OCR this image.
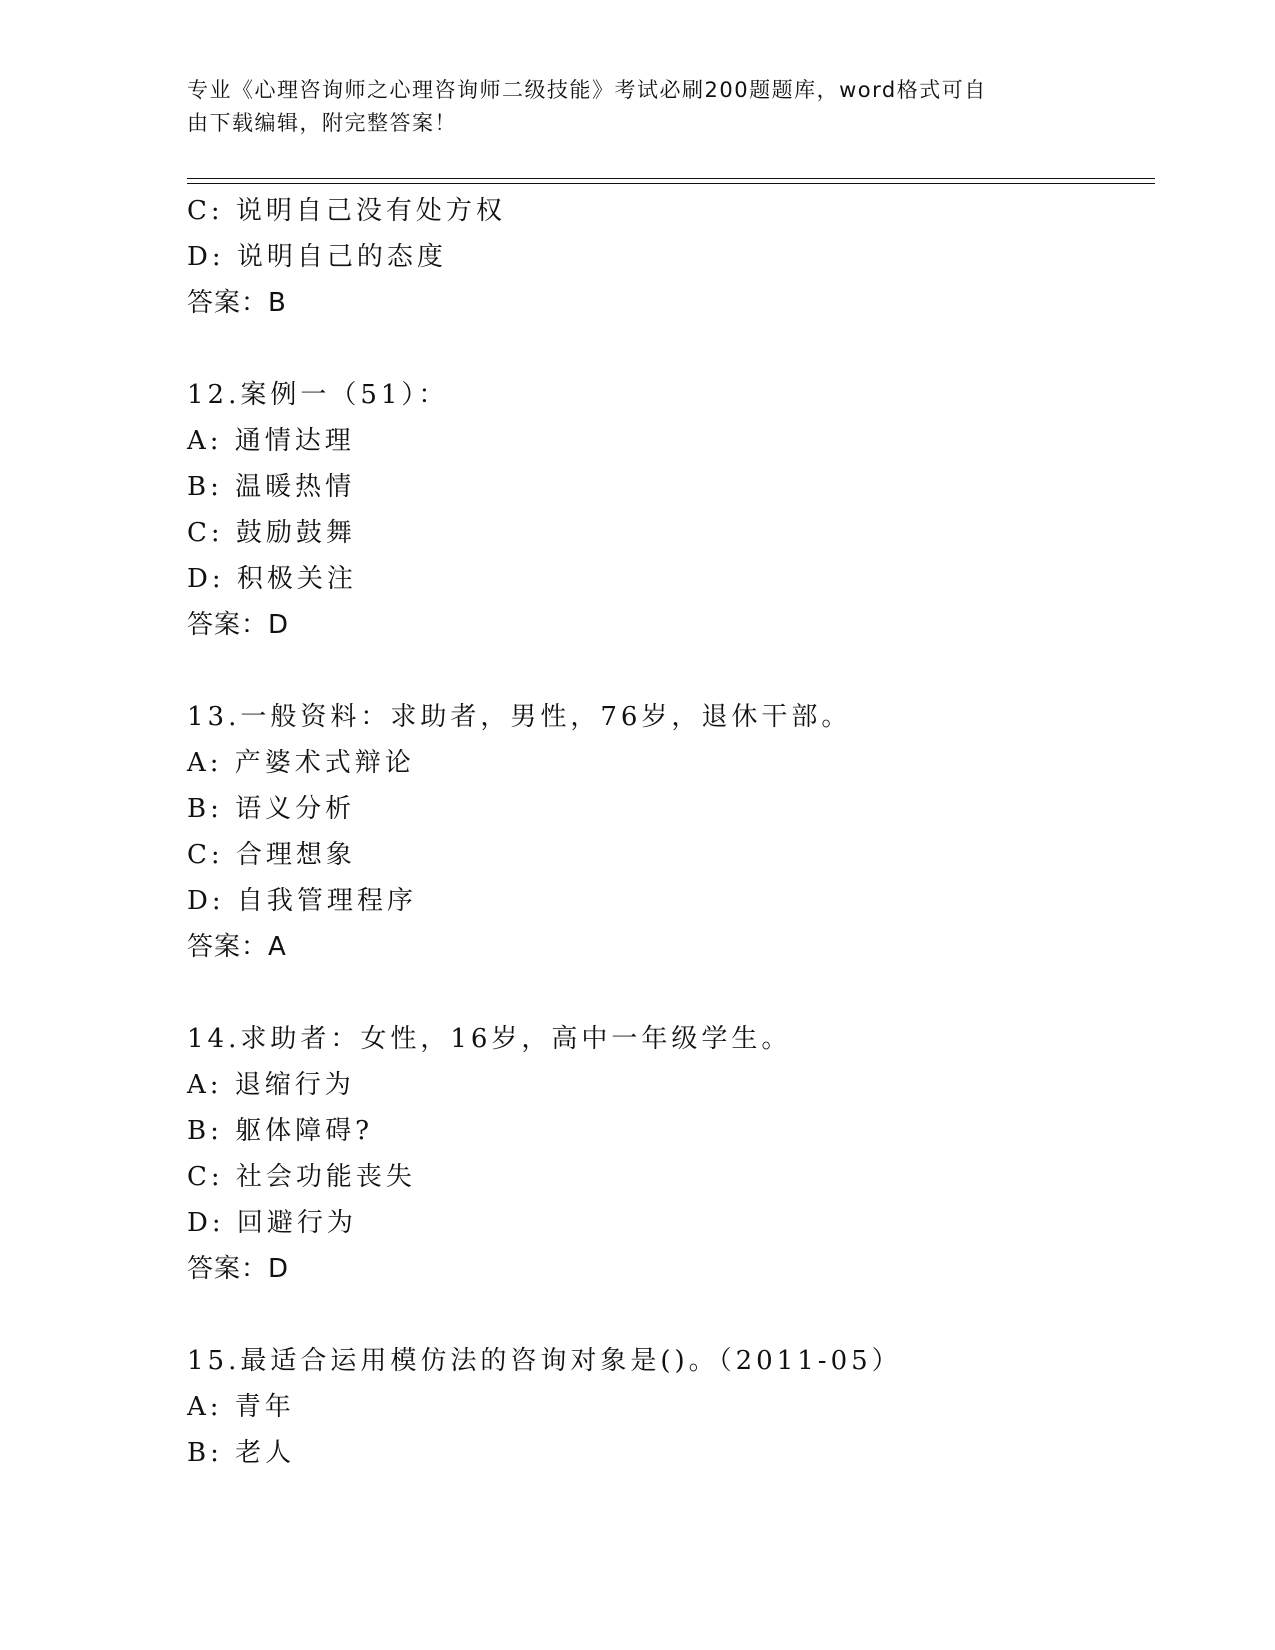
专业《心理咨询师之心理咨询师二级技能》考试必刷200题题库，word格式可自
由下载编辑，附完整答案！
C: 说明自己没有处方权
D: 说明自己的态度
答案：B
12.案例一（51）：
A: 通情达理
B: 温暖热情
C: 鼓励鼓舞
D: 积极关注
答案：D
13.一般资料：求助者，男性，76岁，退休干部。
A: 产婆术式辩论
B: 语义分析
C: 合理想象
D: 自我管理程序
答案：A
14.求助者：女性，16岁，高中一年级学生。
A: 退缩行为
B: 躯体障碍?
C: 社会功能丧失
D: 回避行为
答案：D
15.最适合运用模仿法的咨询对象是()。（2011-05）
A: 青年
B: 老人
